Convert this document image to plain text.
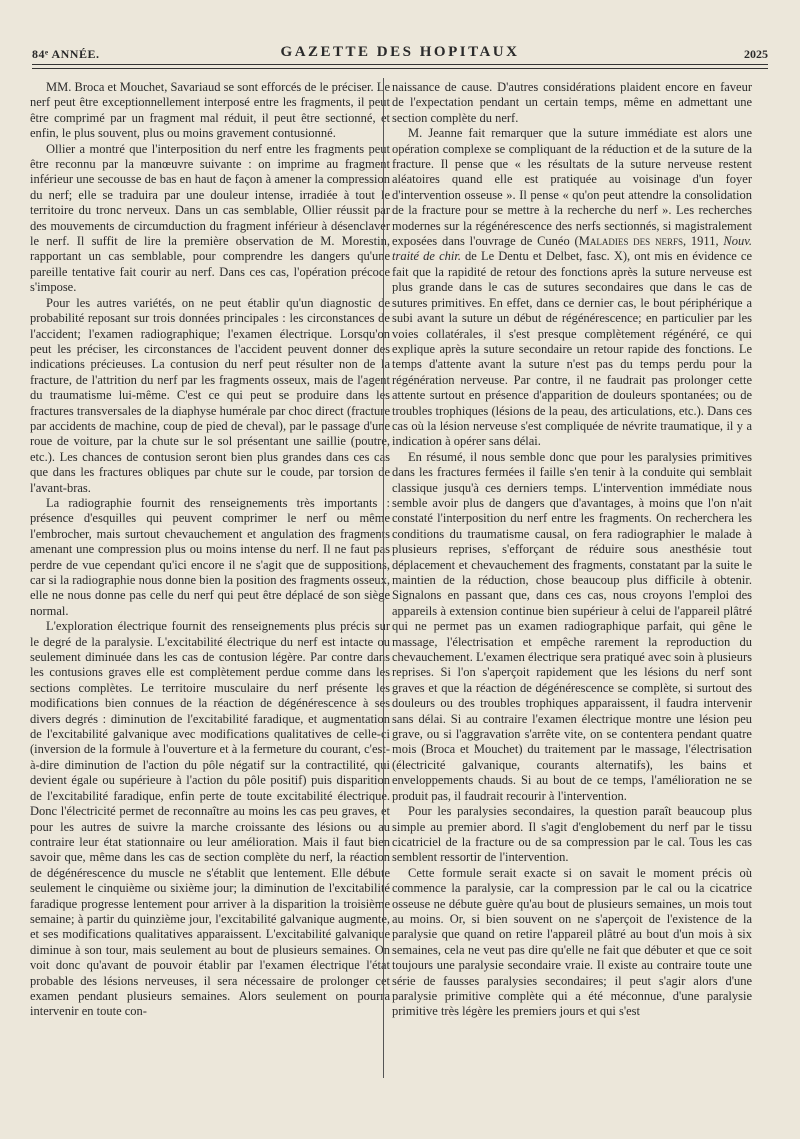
84ᵉ ANNÉE.	GAZETTE DES HOPITAUX	2025

MM. Broca et Mouchet, Savariaud se sont efforcés de le préciser. Le nerf peut être exceptionnellement interposé entre les fragments, il peut être comprimé par un fragment mal réduit, il peut être sectionné, et enfin, le plus souvent, plus ou moins gravement contusionné.

Ollier a montré que l'interposition du nerf entre les fragments peut être reconnu par la manœuvre suivante : on imprime au fragment inférieur une secousse de bas en haut de façon à amener la compression du nerf; elle se traduira par une douleur intense, irradiée à tout le territoire du tronc nerveux. Dans un cas semblable, Ollier réussit par des mouvements de circumduction du fragment inférieur à désenclaver le nerf. Il suffit de lire la première observation de M. Morestin, rapportant un cas semblable, pour comprendre les dangers qu'une pareille tentative fait courir au nerf. Dans ces cas, l'opération précoce s'impose.

Pour les autres variétés, on ne peut établir qu'un diagnostic de probabilité reposant sur trois données principales : les circonstances de l'accident; l'examen radiographique; l'examen électrique. Lorsqu'on peut les préciser, les circonstances de l'accident peuvent donner des indications précieuses. La contusion du nerf peut résulter non de la fracture, de l'attrition du nerf par les fragments osseux, mais de l'agent du traumatisme lui-même. C'est ce qui peut se produire dans les fractures transversales de la diaphyse humérale par choc direct (fracture par accidents de machine, coup de pied de cheval), par le passage d'une roue de voiture, par la chute sur le sol présentant une saillie (poutre, etc.). Les chances de contusion seront bien plus grandes dans ces cas que dans les fractures obliques par chute sur le coude, par torsion de l'avant-bras.

La radiographie fournit des renseignements très importants : présence d'esquilles qui peuvent comprimer le nerf ou même l'embrocher, mais surtout chevauchement et angulation des fragments amenant une compression plus ou moins intense du nerf. Il ne faut pas perdre de vue cependant qu'ici encore il ne s'agit que de suppositions, car si la radiographie nous donne bien la position des fragments osseux, elle ne nous donne pas celle du nerf qui peut être déplacé de son siège normal.

L'exploration électrique fournit des renseignements plus précis sur le degré de la paralysie. L'excitabilité électrique du nerf est intacte ou seulement diminuée dans les cas de contusion légère. Par contre dans les contusions graves elle est complètement perdue comme dans les sections complètes. Le territoire musculaire du nerf présente les modifications bien connues de la réaction de dégénérescence à ses divers degrés : diminution de l'excitabilité faradique, et augmentation de l'excitabilité galvanique avec modifications qualitatives de celle-ci (inversion de la formule à l'ouverture et à la fermeture du courant, c'est-à-dire diminution de l'action du pôle négatif sur la contractilité, qui devient égale ou supérieure à l'action du pôle positif) puis disparition de l'excitabilité faradique, enfin perte de toute excitabilité électrique. Donc l'électricité permet de reconnaître au moins les cas peu graves, et pour les autres de suivre la marche croissante des lésions ou au contraire leur état stationnaire ou leur amélioration. Mais il faut bien savoir que, même dans les cas de section complète du nerf, la réaction de dégénérescence du muscle ne s'établit que lentement. Elle débute seulement le cinquième ou sixième jour; la diminution de l'excitabilité faradique progresse lentement pour arriver à la disparition la troisième semaine; à partir du quinzième jour, l'excitabilité galvanique augmente, et ses modifications qualitatives apparaissent. L'excitabilité galvanique diminue à son tour, mais seulement au bout de plusieurs semaines. On voit donc qu'avant de pouvoir établir par l'examen électrique l'état probable des lésions nerveuses, il sera nécessaire de prolonger cet examen pendant plusieurs semaines. Alors seulement on pourra intervenir en toute con-

naissance de cause. D'autres considérations plaident encore en faveur de l'expectation pendant un certain temps, même en admettant une section complète du nerf.

M. Jeanne fait remarquer que la suture immédiate est alors une opération complexe se compliquant de la réduction et de la suture de la fracture. Il pense que « les résultats de la suture nerveuse restent aléatoires quand elle est pratiquée au voisinage d'un foyer d'intervention osseuse ». Il pense « qu'on peut attendre la consolidation de la fracture pour se mettre à la recherche du nerf ». Les recherches modernes sur la régénérescence des nerfs sectionnés, si magistralement exposées dans l'ouvrage de Cunéo (Maladies des nerfs, 1911, Nouv. traité de chir. de Le Dentu et Delbet, fasc. X), ont mis en évidence ce fait que la rapidité de retour des fonctions après la suture nerveuse est plus grande dans le cas de sutures secondaires que dans le cas de sutures primitives. En effet, dans ce dernier cas, le bout périphérique a subi avant la suture un début de régénérescence; en particulier par les voies collatérales, il s'est presque complètement régénéré, ce qui explique après la suture secondaire un retour rapide des fonctions. Le temps d'attente avant la suture n'est pas du temps perdu pour la régénération nerveuse. Par contre, il ne faudrait pas prolonger cette attente surtout en présence d'apparition de douleurs spontanées; ou de troubles trophiques (lésions de la peau, des articulations, etc.). Dans ces cas où la lésion nerveuse s'est compliquée de névrite traumatique, il y a indication à opérer sans délai.

En résumé, il nous semble donc que pour les paralysies primitives dans les fractures fermées il faille s'en tenir à la conduite qui semblait classique jusqu'à ces derniers temps. L'intervention immédiate nous semble avoir plus de dangers que d'avantages, à moins que l'on n'ait constaté l'interposition du nerf entre les fragments. On recherchera les conditions du traumatisme causal, on fera radiographier le malade à plusieurs reprises, s'efforçant de réduire sous anesthésie tout déplacement et chevauchement des fragments, constatant par la suite le maintien de la réduction, chose beaucoup plus difficile à obtenir. Signalons en passant que, dans ces cas, nous croyons l'emploi des appareils à extension continue bien supérieur à celui de l'appareil plâtré qui ne permet pas un examen radiographique parfait, qui gêne le massage, l'électrisation et empêche rarement la reproduction du chevauchement. L'examen électrique sera pratiqué avec soin à plusieurs reprises. Si l'on s'aperçoit rapidement que les lésions du nerf sont graves et que la réaction de dégénérescence se complète, si surtout des douleurs ou des troubles trophiques apparaissent, il faudra intervenir sans délai. Si au contraire l'examen électrique montre une lésion peu grave, ou si l'aggravation s'arrête vite, on se contentera pendant quatre mois (Broca et Mouchet) du traitement par le massage, l'électrisation (électricité galvanique, courants alternatifs), les bains et enveloppements chauds. Si au bout de ce temps, l'amélioration ne se produit pas, il faudrait recourir à l'intervention.

Pour les paralysies secondaires, la question paraît beaucoup plus simple au premier abord. Il s'agit d'englobement du nerf par le tissu cicatriciel de la fracture ou de sa compression par le cal. Tous les cas semblent ressortir de l'intervention.

Cette formule serait exacte si on savait le moment précis où commence la paralysie, car la compression par le cal ou la cicatrice osseuse ne débute guère qu'au bout de plusieurs semaines, un mois tout au moins. Or, si bien souvent on ne s'aperçoit de l'existence de la paralysie que quand on retire l'appareil plâtré au bout d'un mois à six semaines, cela ne veut pas dire qu'elle ne fait que débuter et que ce soit toujours une paralysie secondaire vraie. Il existe au contraire toute une série de fausses paralysies secondaires; il peut s'agir alors d'une paralysie primitive complète qui a été méconnue, d'une paralysie primitive très légère les premiers jours et qui s'est
